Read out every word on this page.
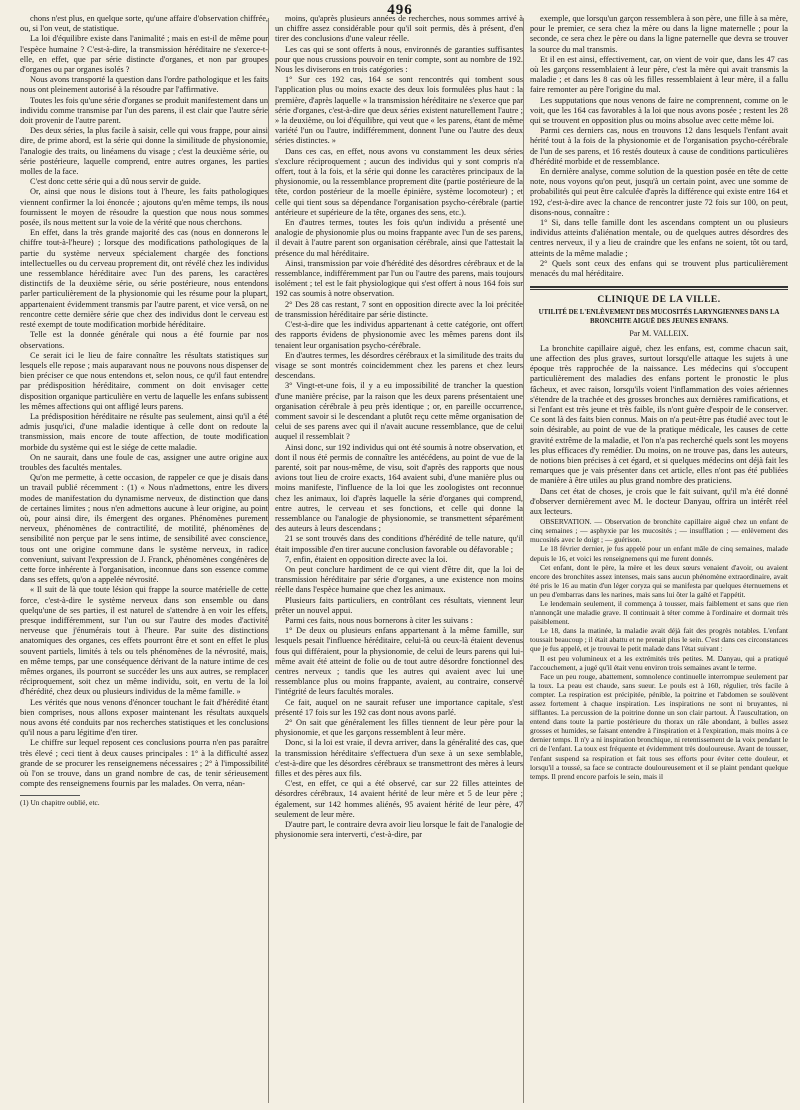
496

chons n'est plus, en quelque sorte, qu'une affaire d'observation chiffrée, ou, si l'on veut, de statistique.

La loi d'équilibre existe dans l'animalité ; mais en est-il de même pour l'espèce humaine ? C'est-à-dire, la transmission héréditaire ne s'exerce-t-elle, en effet, que par série distincte d'organes, et non par groupes d'organes ou par organes isolés ?

Nous avons transporté la question dans l'ordre pathologique et les faits nous ont pleinement autorisé à la résoudre par l'affirmative.

Toutes les fois qu'une série d'organes se produit manifestement dans un individu comme transmise par l'un des parens, il est clair que l'autre série doit provenir de l'autre parent.

Des deux séries, la plus facile à saisir, celle qui vous frappe, pour ainsi dire, de prime abord, est la série qui donne la similitude de physionomie, l'analogie des traits, ou linéamens du visage ; c'est la deuxième série, ou série postérieure, laquelle comprend, entre autres organes, les parties molles de la face.

C'est donc cette série qui a dû nous servir de guide.

Or, ainsi que nous le disions tout à l'heure, les faits pathologiques viennent confirmer la loi énoncée ; ajoutons qu'en même temps, ils nous fournissent le moyen de résoudre la question que nous nous sommes posée, ils nous mettent sur la voie de la vérité que nous cherchons.

En effet, dans la très grande majorité des cas (nous en donnerons le chiffre tout-à-l'heure) ; lorsque des modifications pathologiques de la partie du système nerveux spécialement chargée des fonctions intellectuelles ou du cerveau proprement dit, ont révélé chez les individus une ressemblance héréditaire avec l'un des parens, les caractères distinctifs de la deuxième série, ou série postérieure, nous entendons parler particulièrement de la physionomie qui les résume pour la plupart, appartenaient évidemment transmis par l'autre parent, et vice versâ, on ne rencontre cette dernière série que chez des individus dont le cerveau est resté exempt de toute modification morbide héréditaire.

Telle est la donnée générale qui nous a été fournie par nos observations.

Ce serait ici le lieu de faire connaître les résultats statistiques sur lesquels elle repose ; mais auparavant nous ne pouvons nous dispenser de bien préciser ce que nous entendons et, selon nous, ce qu'il faut entendre par prédisposition héréditaire, comment on doit envisager cette disposition organique particulière en vertu de laquelle les enfans subissent les mêmes affections qui ont affligé leurs parens.

La prédisposition héréditaire ne résulte pas seulement, ainsi qu'il a été admis jusqu'ici, d'une maladie identique à celle dont on redoute la transmission, mais encore de toute affection, de toute modification morbide du système qui est le siége de cette maladie.

On ne saurait, dans une foule de cas, assigner une autre origine aux troubles des facultés mentales.

Qu'on me permette, à cette occasion, de rappeler ce que je disais dans un travail publié récemment : (1) « Nous n'admettons, entre les divers modes de manifestation du dynamisme nerveux, de distinction que dans de certaines limites ; nous n'en admettons aucune à leur origine, au point où, pour ainsi dire, ils émergent des organes. Phénomènes purement nerveux, phénomènes de contractilité, de motilité, phénomènes de sensibilité non perçue par le sens intime, de sensibilité avec conscience, tous ont une origine commune dans le système nerveux, in radice conveniunt, suivant l'expression de J. Franck, phénomènes congénères de cette force inhérente à l'organisation, inconnue dans son essence comme dans ses effets, qu'on a appelée névrosité.

« Il suit de là que toute lésion qui frappe la source matérielle de cette force, c'est-à-dire le système nerveux dans son ensemble ou dans quelqu'une de ses parties, il est naturel de s'attendre à en voir les effets, presque indifféremment, sur l'un ou sur l'autre des modes d'activité nerveuse que j'énumérais tout à l'heure. Par suite des distinctions anatomiques des organes, ces effets pourront être et sont en effet le plus souvent partiels, limités à tels ou tels phénomènes de la névrosité, mais, en même temps, par une conséquence dérivant de la nature intime de ces mêmes organes, ils pourront se succéder les uns aux autres, se remplacer réciproquement, soit chez un même individu, soit, en vertu de la loi d'hérédité, chez deux ou plusieurs individus de la même famille. »

Les vérités que nous venons d'énoncer touchant le fait d'hérédité étant bien comprises, nous allons exposer maintenant les résultats auxquels nous avons été conduits par nos recherches statistiques et les conclusions qu'il nous a paru légitime d'en tirer.

Le chiffre sur lequel reposent ces conclusions pourra n'en pas paraître très élevé ; ceci tient à deux causes principales : 1° à la difficulté assez grande de se procurer les renseignemens nécessaires ; 2° à l'impossibilité où l'on se trouve, dans un grand nombre de cas, de tenir sérieusement compte des renseignemens fournis par les malades. On verra, néan-

(1) Un chapitre oublié, etc.

moins, qu'après plusieurs années de recherches, nous sommes arrivé à un chiffre assez considérable pour qu'il soit permis, dès à présent, d'en tirer des conclusions d'une valeur réelle.

Les cas qui se sont offerts à nous, environnés de garanties suffisantes pour que nous crussions pouvoir en tenir compte, sont au nombre de 192. Nous les diviserons en trois catégories :

1° Sur ces 192 cas, 164 se sont rencontrés qui tombent sous l'application plus ou moins exacte des deux lois formulées plus haut : la première, d'après laquelle « la transmission héréditaire ne s'exerce que par série d'organes, c'est-à-dire que deux séries existent naturellement l'autre ; » la deuxième, ou loi d'équilibre, qui veut que « les parens, étant de même variété l'un ou l'autre, indifféremment, donnent l'une ou l'autre des deux séries distinctes. »

Dans ces cas, en effet, nous avons vu constamment les deux séries s'exclure réciproquement ; aucun des individus qui y sont compris n'a offert, tout à la fois, et la série qui donne les caractères principaux de la physionomie, ou la ressemblance proprement dite (partie postérieure de la tête, cordon postérieur de la moelle épinière, système locomoteur) ; et celle qui tient sous sa dépendance l'organisation psycho-cérébrale (partie antérieure et supérieure de la tête, organes des sens, etc.).

En d'autres termes, toutes les fois qu'un individu a présenté une analogie de physionomie plus ou moins frappante avec l'un de ses parens, il devait à l'autre parent son organisation cérébrale, ainsi que l'attestait la présence du mal héréditaire.

Ainsi, transmission par voie d'hérédité des désordres cérébraux et de la ressemblance, indifféremment par l'un ou l'autre des parens, mais toujours isolément ; tel est le fait physiologique qui s'est offert à nous 164 fois sur 192 cas soumis à notre observation.

2° Des 28 cas restant, 7 sont en opposition directe avec la loi précitée de transmission héréditaire par série distincte.

C'est-à-dire que les individus appartenant à cette catégorie, ont offert des rapports évidens de physionomie avec les mêmes parens dont ils tenaient leur organisation psycho-cérébrale.

En d'autres termes, les désordres cérébraux et la similitude des traits du visage se sont montrés coincidemment chez les parens et chez leurs descendans.

3° Vingt-et-une fois, il y a eu impossibilité de trancher la question d'une manière précise, par la raison que les deux parens présentaient une organisation cérébrale à peu près identique ; or, en pareille occurrence, comment savoir si le descendant a plutôt reçu cette même organisation de celui de ses parens avec qui il n'avait aucune ressemblance, que de celui auquel il ressemblait ?

Ainsi donc, sur 192 individus qui ont été soumis à notre observation, et dont il nous été permis de connaître les antécédens, au point de vue de la parenté, soit par nous-même, de visu, soit d'après des rapports que nous avions tout lieu de croire exacts, 164 avaient subi, d'une manière plus ou moins manifeste, l'influence de la loi que les zoologistes ont reconnue chez les animaux, loi d'après laquelle la série d'organes qui comprend, entre autres, le cerveau et ses fonctions, et celle qui donne la ressemblance ou l'analogie de physionomie, se transmettent séparément des auteurs à leurs descendans ;

21 se sont trouvés dans des conditions d'hérédité de telle nature, qu'il était impossible d'en tirer aucune conclusion favorable ou défavorable ;

7, enfin, étaient en opposition directe avec la loi.

On peut conclure hardiment de ce qui vient d'être dit, que la loi de transmission héréditaire par série d'organes, a une existence non moins réelle dans l'espèce humaine que chez les animaux.

Plusieurs faits particuliers, en contrôlant ces résultats, viennent leur prêter un nouvel appui.

Parmi ces faits, nous nous bornerons à citer les suivans :

1° De deux ou plusieurs enfans appartenant à la même famille, sur lesquels pesait l'influence héréditaire, celui-là ou ceux-là étaient devenus fous qui différaient, pour la physionomie, de celui de leurs parens qui lui-même avait été atteint de folie ou de tout autre désordre fonctionnel des centres nerveux ; tandis que les autres qui avaient avec lui une ressemblance plus ou moins frappante, avaient, au contraire, conservé l'intégrité de leurs facultés morales.

Ce fait, auquel on ne saurait refuser une importance capitale, s'est présenté 17 fois sur les 192 cas dont nous avons parlé.

2° On sait que généralement les filles tiennent de leur père pour la physionomie, et que les garçons ressemblent à leur mère.

Donc, si la loi est vraie, il devra arriver, dans la généralité des cas, que la transmission héréditaire s'effectuera d'un sexe à un sexe semblable, c'est-à-dire que les désordres cérébraux se transmettront des mères à leurs filles et des pères aux fils.

C'est, en effet, ce qui a été observé, car sur 22 filles atteintes de désordres cérébraux, 14 avaient hérité de leur mère et 5 de leur père ; également, sur 142 hommes aliénés, 95 avaient hérité de leur père, 47 seulement de leur mère.

D'autre part, le contraire devra avoir lieu lorsque le fait de l'analogie de physionomie sera interverti, c'est-à-dire, par

exemple, que lorsqu'un garçon ressemblera à son père, une fille à sa mère, pour le premier, ce sera chez la mère ou dans la ligne maternelle ; pour la seconde, ce sera chez le père ou dans la ligne paternelle que devra se trouver la source du mal transmis.

Et il en est ainsi, effectivement, car, on vient de voir que, dans les 47 cas où les garçons ressemblaient à leur père, c'est la mère qui avait transmis la maladie ; et dans les 8 cas où les filles ressemblaient à leur mère, il a fallu faire remonter au père l'origine du mal.

Les supputations que nous venons de faire ne comprennent, comme on le voit, que les 164 cas favorables à la loi que nous avons posée ; restent les 28 qui se trouvent en opposition plus ou moins absolue avec cette même loi.

Parmi ces derniers cas, nous en trouvons 12 dans lesquels l'enfant avait hérité tout à la fois de la physionomie et de l'organisation psycho-cérébrale de l'un de ses parens, et 16 restés douteux à cause de conditions particulières d'hérédité morbide et de ressemblance.

En dernière analyse, comme solution de la question posée en tête de cette note, nous voyons qu'on peut, jusqu'à un certain point, avec une somme de probabilités qui peut être calculée d'après la différence qui existe entre 164 et 192, c'est-à-dire avec la chance de rencontrer juste 72 fois sur 100, on peut, disons-nous, connaître :

1° Si, dans telle famille dont les ascendans comptent un ou plusieurs individus atteints d'aliénation mentale, ou de quelques autres désordres des centres nerveux, il y a lieu de craindre que les enfans ne soient, tôt ou tard, atteints de la même maladie ;

2° Quels sont ceux des enfans qui se trouvent plus particulièrement menacés du mal héréditaire.

CLINIQUE DE LA VILLE.
UTILITÉ DE L'ENLÈVEMENT DES MUCOSITÉS LARYNGIENNES DANS LA BRONCHITE AIGUË DES JEUNES ENFANS.
Par M. VALLEIX.

La bronchite capillaire aiguë, chez les enfans, est, comme chacun sait, une affection des plus graves, surtout lorsqu'elle attaque les sujets à une époque très rapprochée de la naissance. Les médecins qui s'occupent particulièrement des maladies des enfans portent le pronostic le plus fâcheux, et avec raison, lorsqu'ils voient l'inflammation des voies aériennes s'étendre de la trachée et des grosses bronches aux dernières ramifications, et si l'enfant est très jeune et très faible, ils n'ont guère d'espoir de le conserver. Ce sont là des faits bien connus. Mais on n'a peut-être pas étudié avec tout le soin désirable, au point de vue de la pratique médicale, les causes de cette gravité extrême de la maladie, et l'on n'a pas recherché quels sont les moyens les plus efficaces d'y remédier. Du moins, on ne trouve pas, dans les auteurs, de notions bien précises à cet égard, et si quelques médecins ont déjà fait les remarques que je vais présenter dans cet article, elles n'ont pas été publiées de manière à être utiles au plus grand nombre des praticiens.

Dans cet état de choses, je crois que le fait suivant, qu'il m'a été donné d'observer dernièrement avec M. le docteur Danyau, offrira un intérêt réel aux lecteurs.

OBSERVATION. — Observation de bronchite capillaire aiguë chez un enfant de cinq semaines ; — asphyxie par les mucosités ; — insufflation ; — enlèvement des mucosités avec le doigt ; — guérison.

Le 18 février dernier, je fus appelé pour un enfant mâle de cinq semaines, malade depuis le 16, et voici les renseignemens qui me furent donnés.

Cet enfant, dont le père, la mère et les deux sœurs venaient d'avoir, ou avaient encore des bronchites assez intenses, mais sans aucun phénomène extraordinaire, avait été pris le 16 au matin d'un léger coryza qui se manifesta par quelques éternuemens et un peu d'embarras dans les narines, mais sans lui ôter la gaîté et l'appétit.

Le lendemain seulement, il commença à tousser, mais faiblement et sans que rien n'annonçât une maladie grave. Il continuait à téter comme à l'ordinaire et dormait très paisiblement.

Le 18, dans la matinée, la maladie avait déjà fait des progrès notables. L'enfant toussait beaucoup ; il était abattu et ne prenait plus le sein. C'est dans ces circonstances que je fus appelé, et je trouvai le petit malade dans l'état suivant :

Il est peu volumineux et a les extrémités très petites. M. Danyau, qui a pratiqué l'accouchement, a jugé qu'il était venu environ trois semaines avant le terme.

Face un peu rouge, abattement, somnolence continuelle interrompue seulement par la toux. La peau est chaude, sans sueur. Le pouls est à 160, régulier, très facile à compter. La respiration est précipitée, pénible, la poitrine et l'abdomen se soulèvent assez fortement à chaque inspiration. Les inspirations ne sont ni bruyantes, ni sifflantes. La percussion de la poitrine donne un son clair partout. À l'auscultation, on entend dans toute la partie postérieure du thorax un râle abondant, à bulles assez grosses et humides, se faisant entendre à l'inspiration et à l'expiration, mais moins à ce dernier temps. Il n'y a ni inspiration bronchique, ni retentissement de la voix pendant le cri de l'enfant. La toux est fréquente et évidemment très douloureuse. Avant de tousser, l'enfant suspend sa respiration et fait tous ses efforts pour éviter cette douleur, et lorsqu'il a toussé, sa face se contracte douloureusement et il se plaint pendant quelque temps. Il prend encore parfois le sein, mais il
